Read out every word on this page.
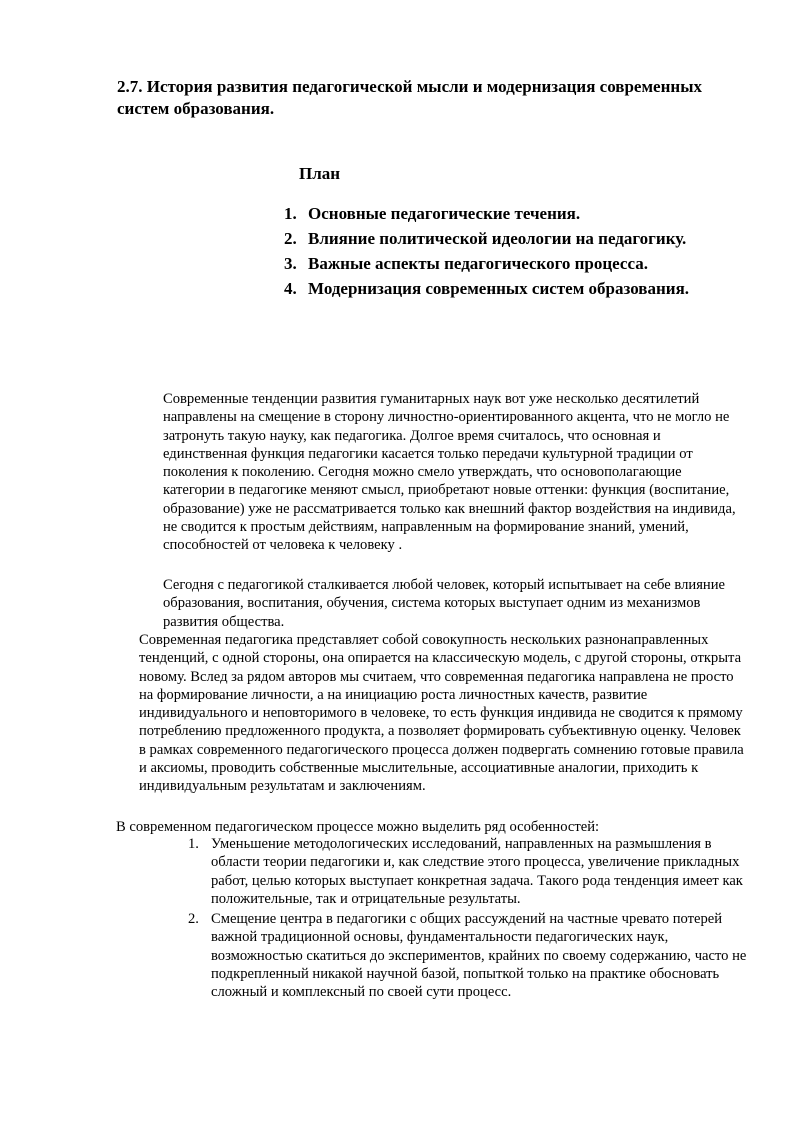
2.7. История развития педагогической мысли и модернизация современных систем образования.
План
1. Основные педагогические течения.
2. Влияние политической идеологии на педагогику.
3. Важные аспекты педагогического процесса.
4. Модернизация современных систем образования.

Современные тенденции развития гуманитарных наук вот уже несколько десятилетий направлены на смещение в сторону личностно-ориентированного акцента, что не могло не затронуть такую науку, как педагогика. Долгое время считалось, что основная и единственная функция педагогики касается только передачи культурной традиции от поколения к поколению. Сегодня можно смело утверждать, что основополагающие категории в педагогике меняют смысл, приобретают новые оттенки: функция (воспитание, образование) уже не рассматривается только как внешний фактор воздействия на индивида, не сводится к простым действиям, направленным на формирование знаний, умений, способностей от человека к человеку .

Сегодня с педагогикой сталкивается любой человек, который испытывает на себе влияние образования, воспитания, обучения, система которых выступает одним из механизмов развития общества.

Современная педагогика представляет собой совокупность нескольких разнонаправленных тенденций, с одной стороны, она опирается на классическую модель, с другой стороны, открыта новому. Вслед за рядом авторов мы считаем, что современная педагогика направлена не просто на формирование личности, а на инициацию роста личностных качеств, развитие индивидуального и неповторимого в человеке, то есть функция индивида не сводится к прямому потреблению предложенного продукта, а позволяет формировать субъективную оценку. Человек в рамках современного педагогического процесса должен подвергать сомнению готовые правила и аксиомы, проводить собственные мыслительные, ассоциативные аналогии, приходить к индивидуальным результатам и заключениям.

В современном педагогическом процессе можно выделить ряд особенностей:

1. Уменьшение методологических исследований, направленных на размышления в области теории педагогики и, как следствие этого процесса, увеличение прикладных работ, целью которых выступает конкретная задача. Такого рода тенденция имеет как положительные, так и отрицательные результаты.
2. Смещение центра в педагогики с общих рассуждений на частные чревато потерей важной традиционной основы, фундаментальности педагогических наук, возможностью скатиться до экспериментов, крайних по своему содержанию, часто не подкрепленный никакой научной базой, попыткой только на практике обосновать сложный и комплексный по своей сути процесс.
